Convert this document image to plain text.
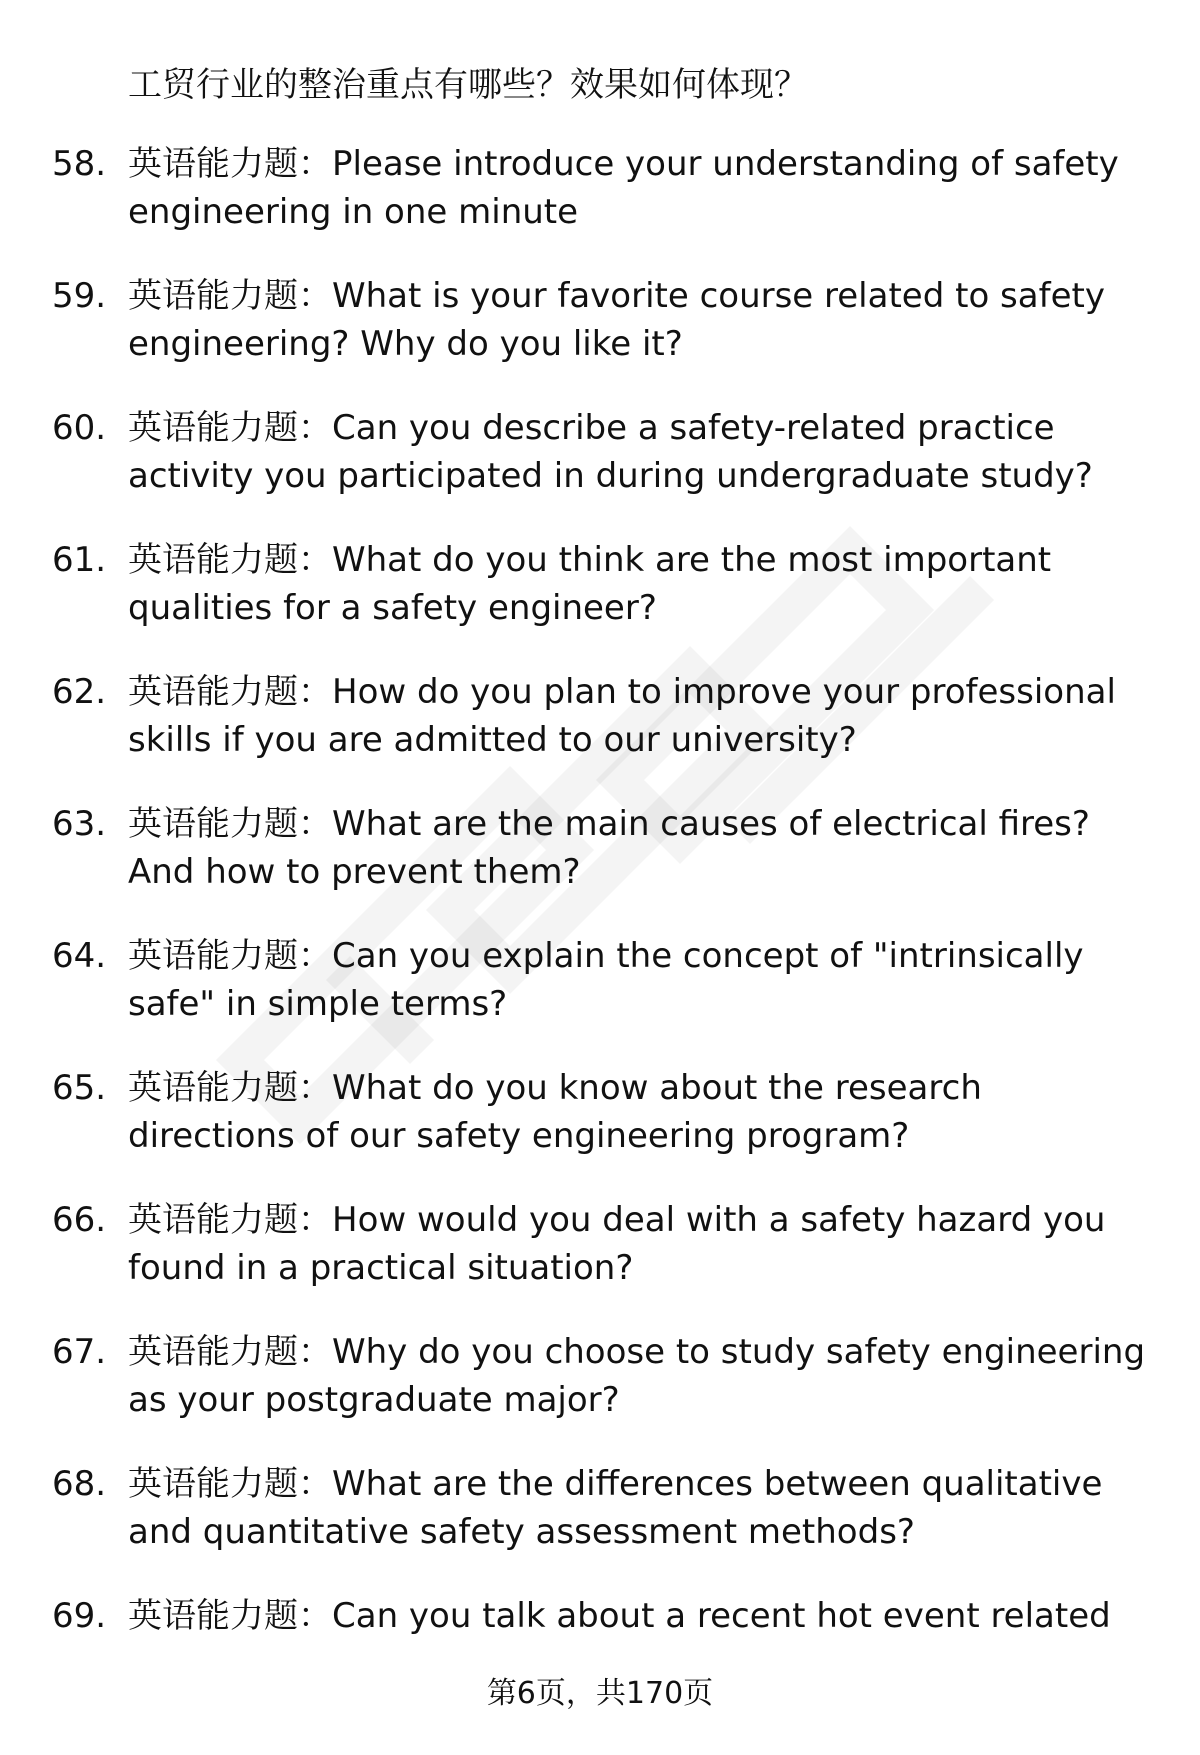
工贸行业的整治重点有哪些？效果如何体现？
58. 英语能力题：Please introduce your understanding of safety engineering in one minute
59. 英语能力题：What is your favorite course related to safety engineering? Why do you like it?
60. 英语能力题：Can you describe a safety-related practice activity you participated in during undergraduate study?
61. 英语能力题：What do you think are the most important qualities for a safety engineer?
62. 英语能力题：How do you plan to improve your professional skills if you are admitted to our university?
63. 英语能力题：What are the main causes of electrical fires? And how to prevent them?
64. 英语能力题：Can you explain the concept of "intrinsically safe" in simple terms?
65. 英语能力题：What do you know about the research directions of our safety engineering program?
66. 英语能力题：How would you deal with a safety hazard you found in a practical situation?
67. 英语能力题：Why do you choose to study safety engineering as your postgraduate major?
68. 英语能力题：What are the differences between qualitative and quantitative safety assessment methods?
69. 英语能力题：Can you talk about a recent hot event related
第6页，共170页
